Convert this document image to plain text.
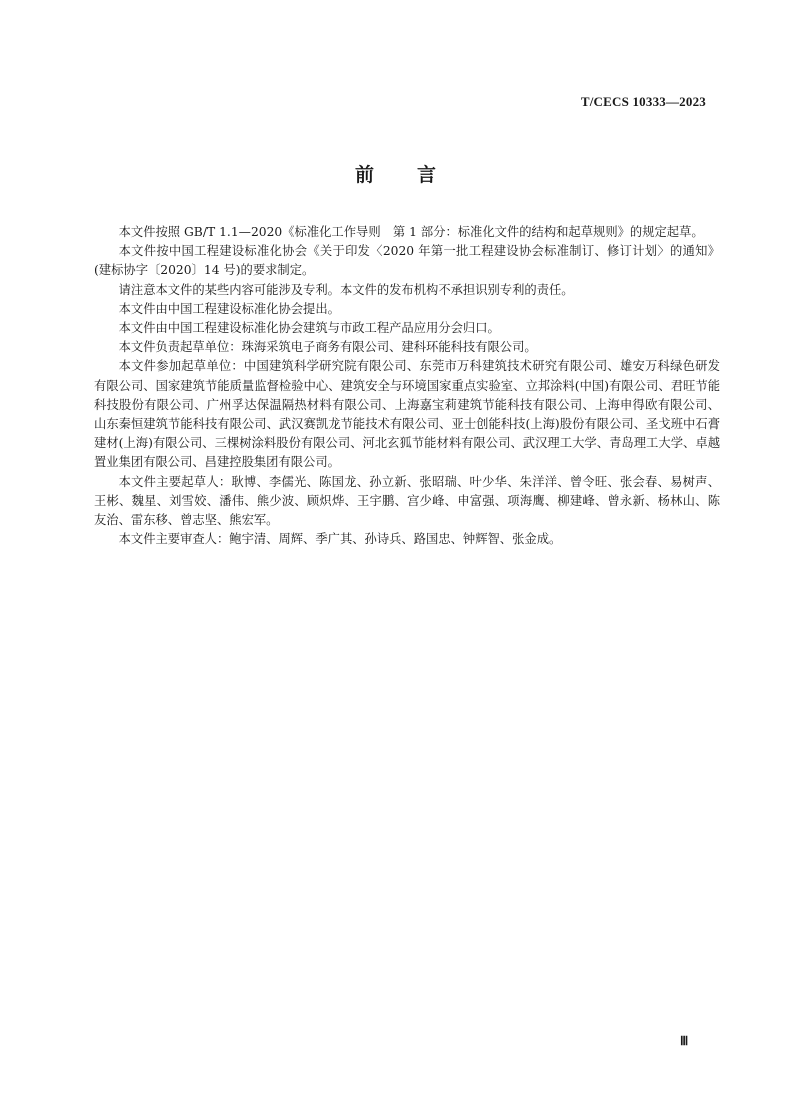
T/CECS 10333—2023
前 言

本文件按照 GB/T 1.1—2020《标准化工作导则　第 1 部分：标准化文件的结构和起草规则》的规定起草。

本文件按中国工程建设标准化协会《关于印发〈2020 年第一批工程建设协会标准制订、修订计划〉的通知》(建标协字〔2020〕14 号)的要求制定。

请注意本文件的某些内容可能涉及专利。本文件的发布机构不承担识别专利的责任。

本文件由中国工程建设标准化协会提出。

本文件由中国工程建设标准化协会建筑与市政工程产品应用分会归口。

本文件负责起草单位：珠海采筑电子商务有限公司、建科环能科技有限公司。

本文件参加起草单位：中国建筑科学研究院有限公司、东莞市万科建筑技术研究有限公司、雄安万科绿色研发有限公司、国家建筑节能质量监督检验中心、建筑安全与环境国家重点实验室、立邦涂料(中国)有限公司、君旺节能科技股份有限公司、广州孚达保温隔热材料有限公司、上海嘉宝莉建筑节能科技有限公司、上海申得欧有限公司、山东秦恒建筑节能科技有限公司、武汉赛凯龙节能技术有限公司、亚士创能科技(上海)股份有限公司、圣戈班中石膏建材(上海)有限公司、三棵树涂料股份有限公司、河北玄狐节能材料有限公司、武汉理工大学、青岛理工大学、卓越置业集团有限公司、昌建控股集团有限公司。

本文件主要起草人：耿博、李儒光、陈国龙、孙立新、张昭瑞、叶少华、朱洋洋、曾令旺、张会春、易树声、王彬、魏星、刘雪姣、潘伟、熊少波、顾炽烨、王宇鹏、宫少峰、申富强、项海鹰、柳建峰、曾永新、杨林山、陈友治、雷东移、曾志坚、熊宏军。

本文件主要审查人：鲍宇清、周辉、季广其、孙诗兵、路国忠、钟辉智、张金成。

Ⅲ
